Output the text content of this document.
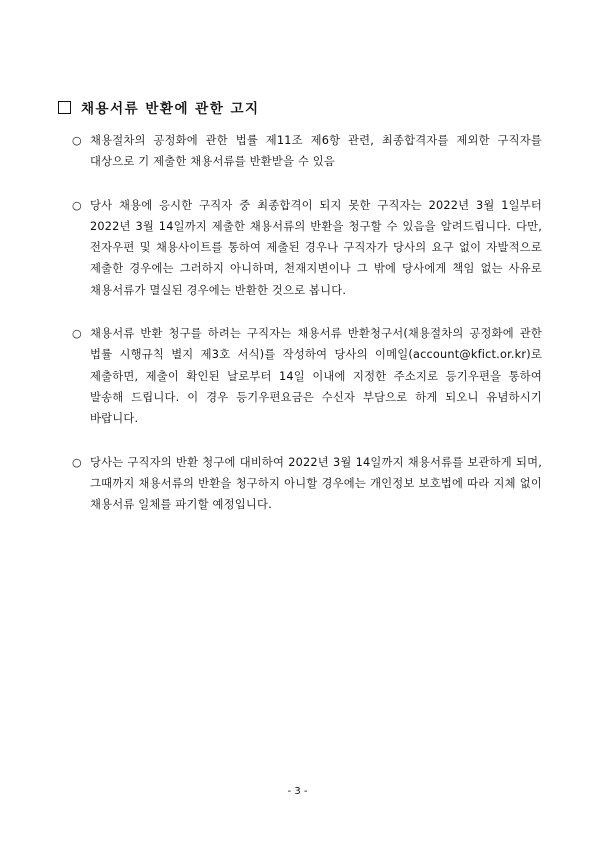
채용서류 반환에 관한 고지
○ 채용절차의 공정화에 관한 법률 제11조 제6항 관련, 최종합격자를 제외한 구직자를 대상으로 기 제출한 채용서류를 반환받을 수 있음
○ 당사 채용에 응시한 구직자 중 최종합격이 되지 못한 구직자는 2022년 3월 1일부터 2022년 3월 14일까지 제출한 채용서류의 반환을 청구할 수 있음을 알려드립니다. 다만, 전자우편 및 채용사이트를 통하여 제출된 경우나 구직자가 당사의 요구 없이 자발적으로 제출한 경우에는 그러하지 아니하며, 천재지변이나 그 밖에 당사에게 책임 없는 사유로 채용서류가 멸실된 경우에는 반환한 것으로 봅니다.
○ 채용서류 반환 청구를 하려는 구직자는 채용서류 반환청구서(채용절차의 공정화에 관한 법률 시행규칙 별지 제3호 서식)를 작성하여 당사의 이메일(account@kfict.or.kr)로 제출하면, 제출이 확인된 날로부터 14일 이내에 지정한 주소지로 등기우편을 통하여 발송해 드립니다. 이 경우 등기우편요금은 수신자 부담으로 하게 되오니 유념하시기 바랍니다.
○ 당사는 구직자의 반환 청구에 대비하여 2022년 3월 14일까지 채용서류를 보관하게 되며, 그때까지 채용서류의 반환을 청구하지 아니할 경우에는 개인정보 보호법에 따라 지체 없이 채용서류 일체를 파기할 예정입니다.
- 3 -
